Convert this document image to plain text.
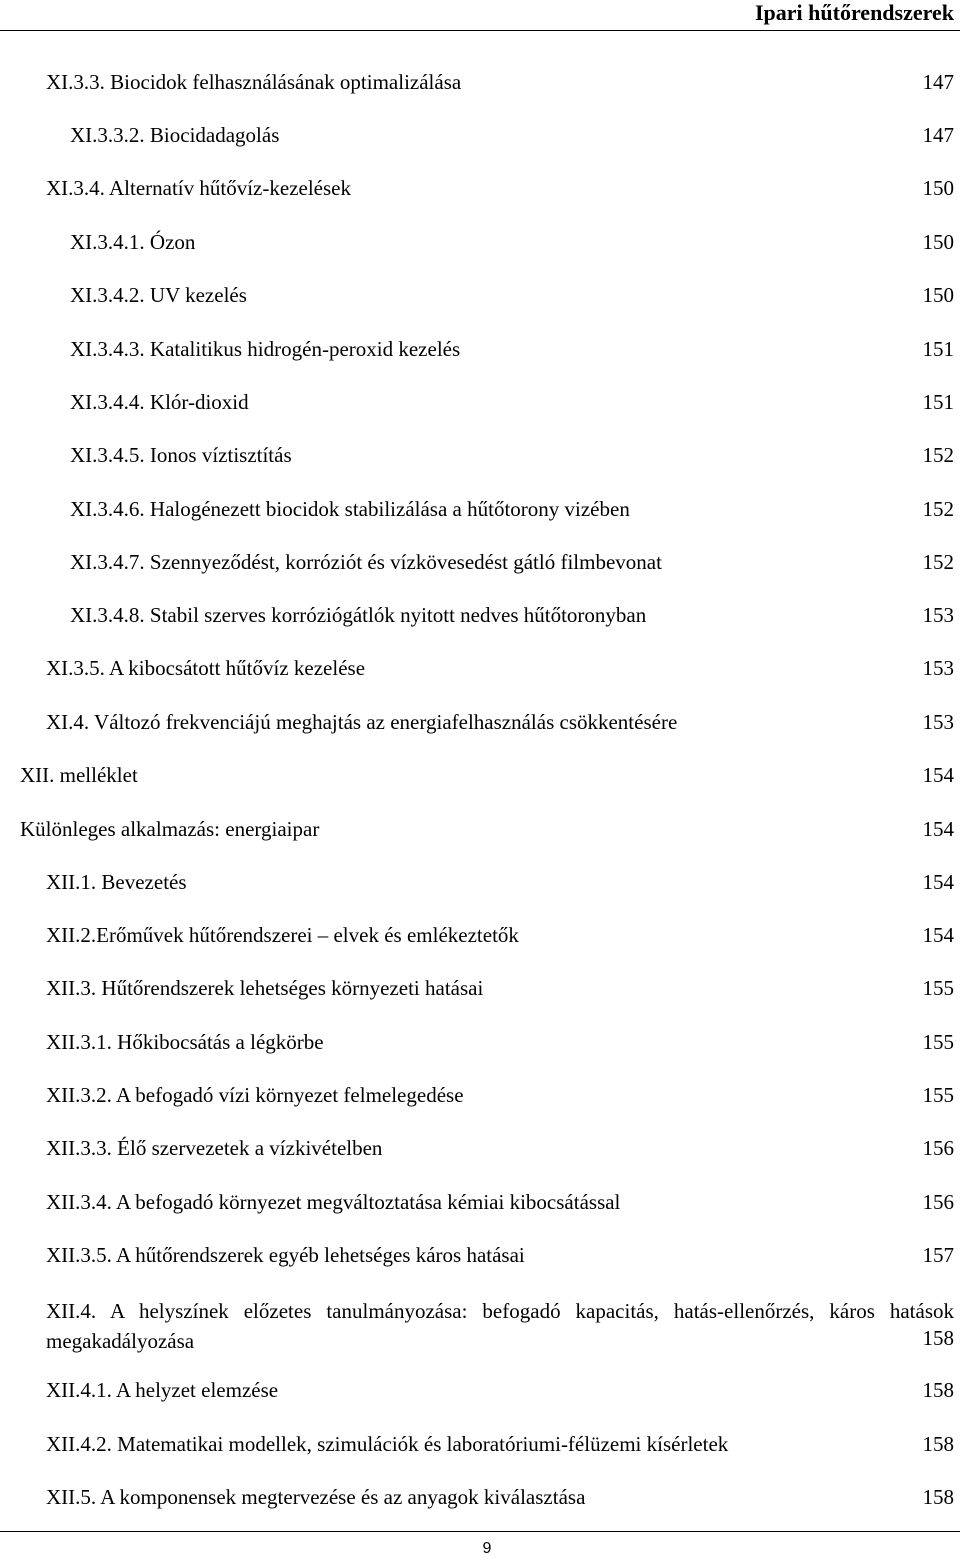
Ipari hűtőrendszerek
XI.3.3. Biocidok felhasználásának optimalizálása	147
XI.3.3.2. Biocidadagolás	147
XI.3.4. Alternatív hűtővíz-kezelések	150
XI.3.4.1. Ózon	150
XI.3.4.2. UV kezelés	150
XI.3.4.3. Katalitikus hidrogén-peroxid kezelés	151
XI.3.4.4. Klór-dioxid	151
XI.3.4.5. Ionos víztisztítás	152
XI.3.4.6. Halogénezett biocidok stabilizálása a hűtőtorony vizében	152
XI.3.4.7. Szennyeződést, korróziót és vízkövesedést gátló filmbevonat	152
XI.3.4.8. Stabil szerves korróziógátlók nyitott nedves hűtőtoronyban	153
XI.3.5. A kibocsátott hűtővíz kezelése	153
XI.4. Változó frekvenciájú meghajtás az energiafelhasználás csökkentésére	153
XII. melléklet	154
Különleges alkalmazás: energiaipar	154
XII.1. Bevezetés	154
XII.2.Erőművek hűtőrendszerei – elvek és emlékeztetők	154
XII.3. Hűtőrendszerek lehetséges környezeti hatásai	155
XII.3.1. Hőkibocsátás a légkörbe	155
XII.3.2. A befogadó vízi környezet felmelegedése	155
XII.3.3. Élő szervezetek a vízkivételben	156
XII.3.4. A befogadó környezet megváltoztatása kémiai kibocsátással	156
XII.3.5. A hűtőrendszerek egyéb lehetséges káros hatásai	157
XII.4. A helyszínek előzetes tanulmányozása: befogadó kapacitás, hatás-ellenőrzés, káros hatások megakadályozása	158
XII.4.1. A helyzet elemzése	158
XII.4.2. Matematikai modellek, szimulációk és laboratóriumi-félüzemi kísérletek	158
XII.5. A komponensek megtervezése és az anyagok kiválasztása	158
9
